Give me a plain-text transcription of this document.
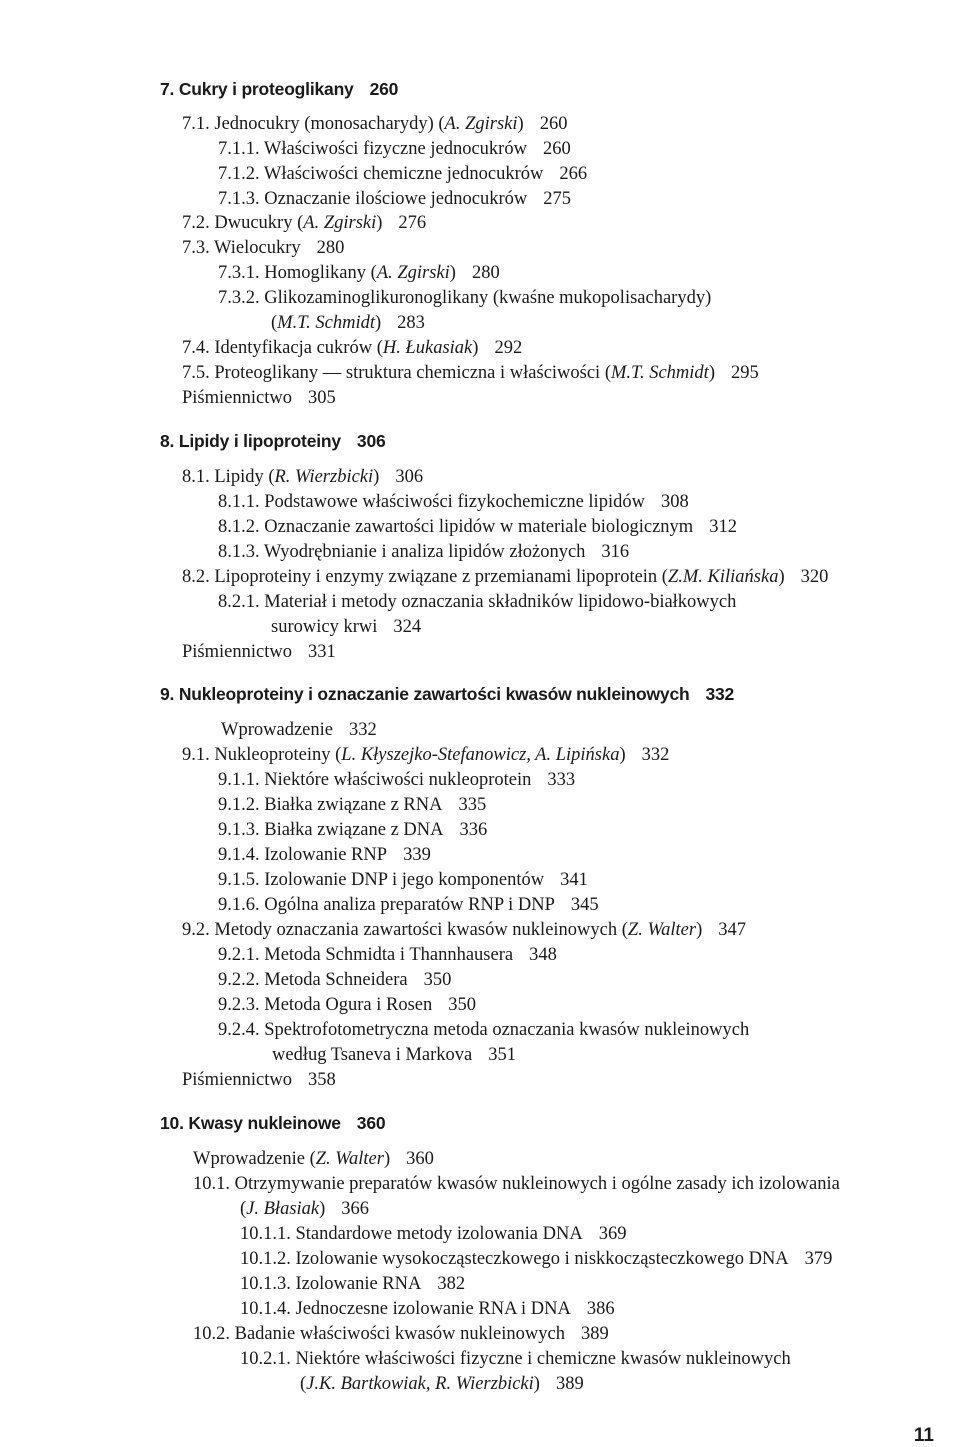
7. Cukry i proteoglikany 260
7.1. Jednocukry (monosacharydy) (A. Zgirski) 260
7.1.1. Właściwości fizyczne jednocukrów 260
7.1.2. Właściwości chemiczne jednocukrów 266
7.1.3. Oznaczanie ilościowe jednocukrów 275
7.2. Dwucukry (A. Zgirski) 276
7.3. Wielocukry 280
7.3.1. Homoglikany (A. Zgirski) 280
7.3.2. Glikozaminoglikuronoglikany (kwaśne mukopolisacharydy)
(M.T. Schmidt) 283
7.4. Identyfikacja cukrów (H. Łukasiak) 292
7.5. Proteoglikany — struktura chemiczna i właściwości (M.T. Schmidt) 295
Piśmiennictwo 305
8. Lipidy i lipoproteiny 306
8.1. Lipidy (R. Wierzbicki) 306
8.1.1. Podstawowe właściwości fizykochemiczne lipidów 308
8.1.2. Oznaczanie zawartości lipidów w materiale biologicznym 312
8.1.3. Wyodrębnianie i analiza lipidów złożonych 316
8.2. Lipoproteiny i enzymy związane z przemianami lipoprotein (Z.M. Kiliańska) 320
8.2.1. Materiał i metody oznaczania składników lipidowo-białkowych
surowicy krwi 324
Piśmiennictwo 331
9. Nukleoproteiny i oznaczanie zawartości kwasów nukleinowych 332
Wprowadzenie 332
9.1. Nukleoproteiny (L. Kłyszejko-Stefanowicz, A. Lipińska) 332
9.1.1. Niektóre właściwości nukleoprotein 333
9.1.2. Białka związane z RNA 335
9.1.3. Białka związane z DNA 336
9.1.4. Izolowanie RNP 339
9.1.5. Izolowanie DNP i jego komponentów 341
9.1.6. Ogólna analiza preparatów RNP i DNP 345
9.2. Metody oznaczania zawartości kwasów nukleinowych (Z. Walter) 347
9.2.1. Metoda Schmidta i Thannhausera 348
9.2.2. Metoda Schneidera 350
9.2.3. Metoda Ogura i Rosen 350
9.2.4. Spektrofotometryczna metoda oznaczania kwasów nukleinowych
według Tsaneva i Markova 351
Piśmiennictwo 358
10. Kwasy nukleinowe 360
Wprowadzenie (Z. Walter) 360
10.1. Otrzymywanie preparatów kwasów nukleinowych i ogólne zasady ich izolowania
(J. Błasiak) 366
10.1.1. Standardowe metody izolowania DNA 369
10.1.2. Izolowanie wysokocząsteczkowego i niskkocząsteczkowego DNA 379
10.1.3. Izolowanie RNA 382
10.1.4. Jednoczesne izolowanie RNA i DNA 386
10.2. Badanie właściwości kwasów nukleinowych 389
10.2.1. Niektóre właściwości fizyczne i chemiczne kwasów nukleinowych
(J.K. Bartkowiak, R. Wierzbicki) 389
11
